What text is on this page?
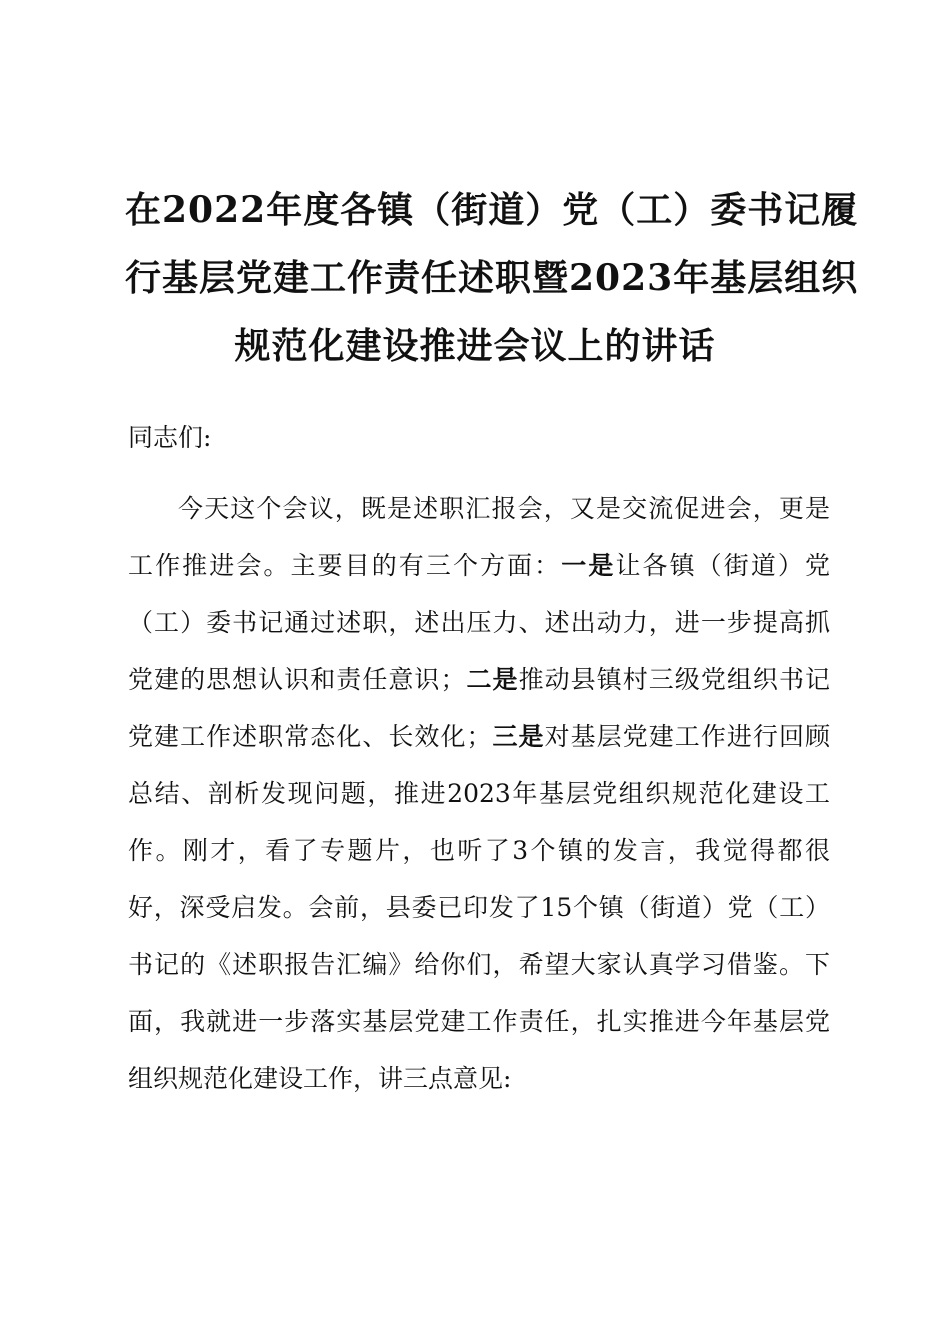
在2022年度各镇（街道）党（工）委书记履
行基层党建工作责任述职暨2023年基层组织
规范化建设推进会议上的讲话

同志们:

今天这个会议，既是述职汇报会，又是交流促进会，更是
工作推进会。主要目的有三个方面：一是让各镇（街道）党
（工）委书记通过述职，述出压力、述出动力，进一步提高抓
党建的思想认识和责任意识；二是推动县镇村三级党组织书记
党建工作述职常态化、长效化；三是对基层党建工作进行回顾
总结、剖析发现问题，推进2023年基层党组织规范化建设工
作。刚才，看了专题片，也听了3个镇的发言，我觉得都很
好，深受启发。会前，县委已印发了15个镇（街道）党（工）
书记的《述职报告汇编》给你们，希望大家认真学习借鉴。下
面，我就进一步落实基层党建工作责任，扎实推进今年基层党
组织规范化建设工作，讲三点意见:
